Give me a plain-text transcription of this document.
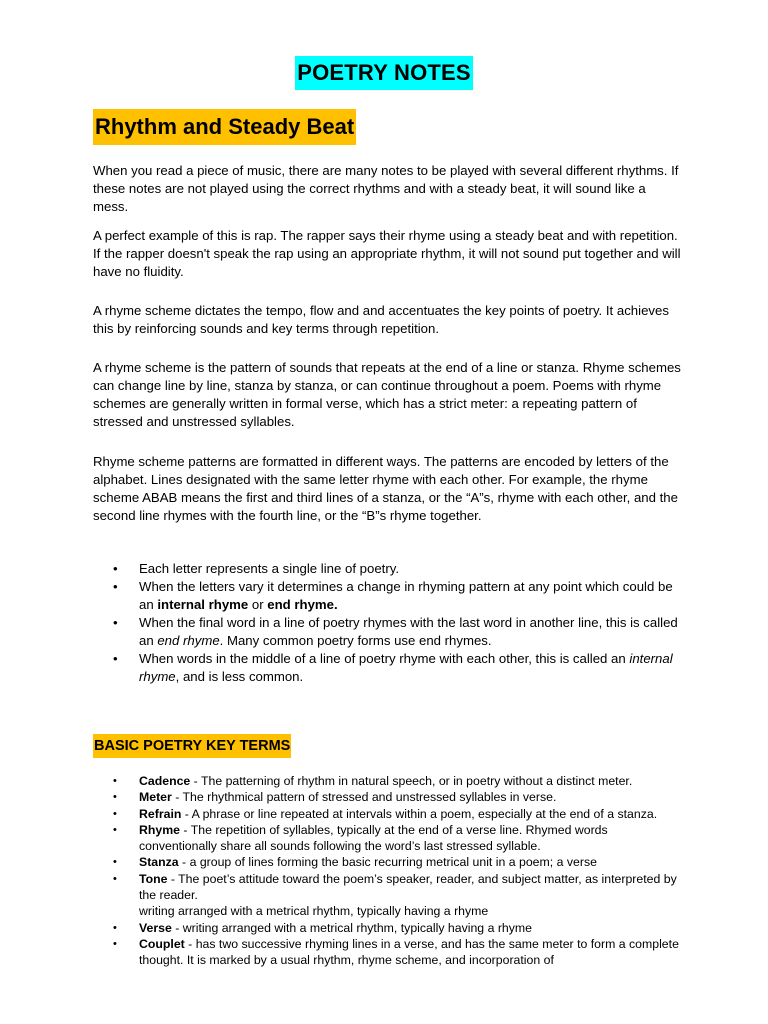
POETRY NOTES
Rhythm and Steady Beat

When you read a piece of music, there are many notes to be played with several different rhythms. If these notes are not played using the correct rhythms and with a steady beat, it will sound like a mess.

A perfect example of this is rap. The rapper says their rhyme using a steady beat and with repetition. If the rapper doesn't speak the rap using an appropriate rhythm, it will not sound put together and will have no fluidity.

A rhyme scheme dictates the tempo, flow and and accentuates the key points of poetry. It achieves this by reinforcing sounds and key terms through repetition.

A rhyme scheme is the pattern of sounds that repeats at the end of a line or stanza. Rhyme schemes can change line by line, stanza by stanza, or can continue throughout a poem. Poems with rhyme schemes are generally written in formal verse, which has a strict meter: a repeating pattern of stressed and unstressed syllables.

Rhyme scheme patterns are formatted in different ways. The patterns are encoded by letters of the alphabet. Lines designated with the same letter rhyme with each other. For example, the rhyme scheme ABAB means the first and third lines of a stanza, or the “A”s, rhyme with each other, and the second line rhymes with the fourth line, or the “B”s rhyme together.

• Each letter represents a single line of poetry.
• When the letters vary it determines a change in rhyming pattern at any point which could be an internal rhyme or end rhyme.
• When the final word in a line of poetry rhymes with the last word in another line, this is called an end rhyme. Many common poetry forms use end rhymes.
• When words in the middle of a line of poetry rhyme with each other, this is called an internal rhyme, and is less common.
BASIC POETRY KEY TERMS
• Cadence - The patterning of rhythm in natural speech, or in poetry without a distinct meter.
• Meter - The rhythmical pattern of stressed and unstressed syllables in verse.
• Refrain - A phrase or line repeated at intervals within a poem, especially at the end of a stanza.
• Rhyme - The repetition of syllables, typically at the end of a verse line. Rhymed words conventionally share all sounds following the word’s last stressed syllable.
• Stanza - a group of lines forming the basic recurring metrical unit in a poem; a verse
• Tone - The poet’s attitude toward the poem’s speaker, reader, and subject matter, as interpreted by the reader.
writing arranged with a metrical rhythm, typically having a rhyme
• Verse - writing arranged with a metrical rhythm, typically having a rhyme
• Couplet - has two successive rhyming lines in a verse, and has the same meter to form a complete thought. It is marked by a usual rhythm, rhyme scheme, and incorporation of
